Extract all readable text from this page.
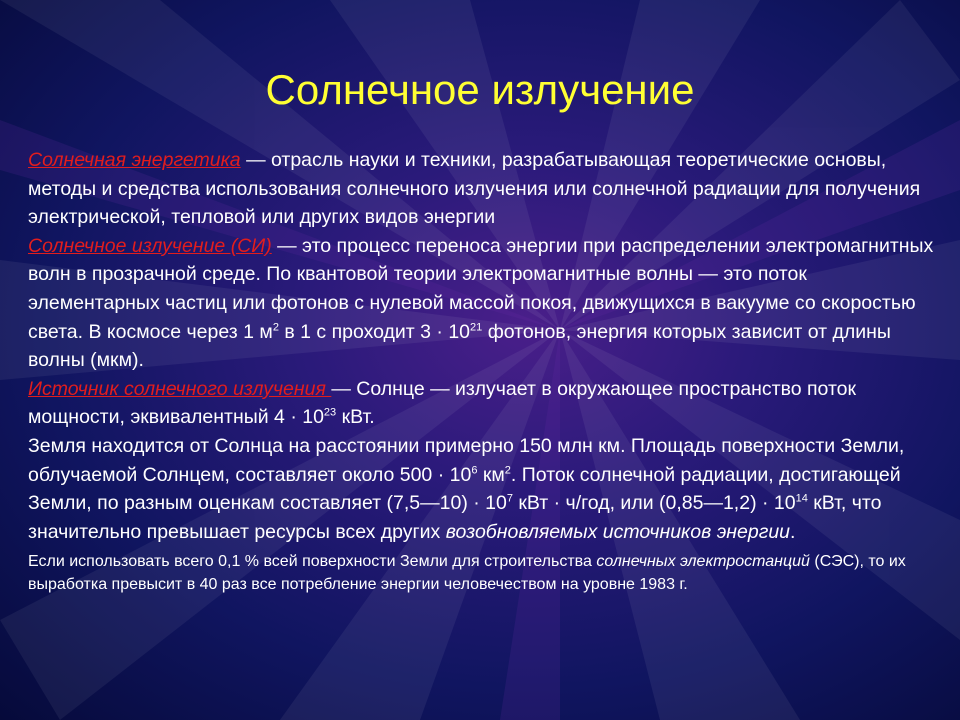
Солнечное излучение

Солнечная энергетика — отрасль науки и техники, разрабатывающая теоретические основы, методы и средства использования солнечного излучения или солнечной радиации для получения электрической, тепловой или других видов энергии

Солнечное излучение (СИ) — это процесс переноса энергии при распределении электромагнитных волн в прозрачной среде. По квантовой теории электромагнитные волны — это поток элементарных частиц или фотонов с нулевой массой покоя, движущихся в вакууме со скоростью света. В космосе через 1 $м^2$ в 1 с проходит $3 \cdot 10^{21}$ фотонов, энергия которых зависит от длины волны (мкм).

Источник солнечного излучения — Солнце — излучает в окружающее пространство поток мощности, эквивалентный $4 \cdot 10^{23}$ кВт.

Земля находится от Солнца на расстоянии примерно 150 млн км. Площадь поверхности Земли, облучаемой Солнцем, составляет около $500 \cdot 10^6$ $км^2$. Поток солнечной радиации, достигающей Земли, по разным оценкам составляет (7,5—10) · $10^7$ кВт · ч/год, или (0,85—1,2) · $10^{14}$ кВт, что значительно превышает ресурсы всех других возобновляемых источников энергии.

Если использовать всего 0,1 % всей поверхности Земли для строительства солнечных электростанций (СЭС), то их выработка превысит в 40 раз все потребление энергии человечеством на уровне 1983 г.
